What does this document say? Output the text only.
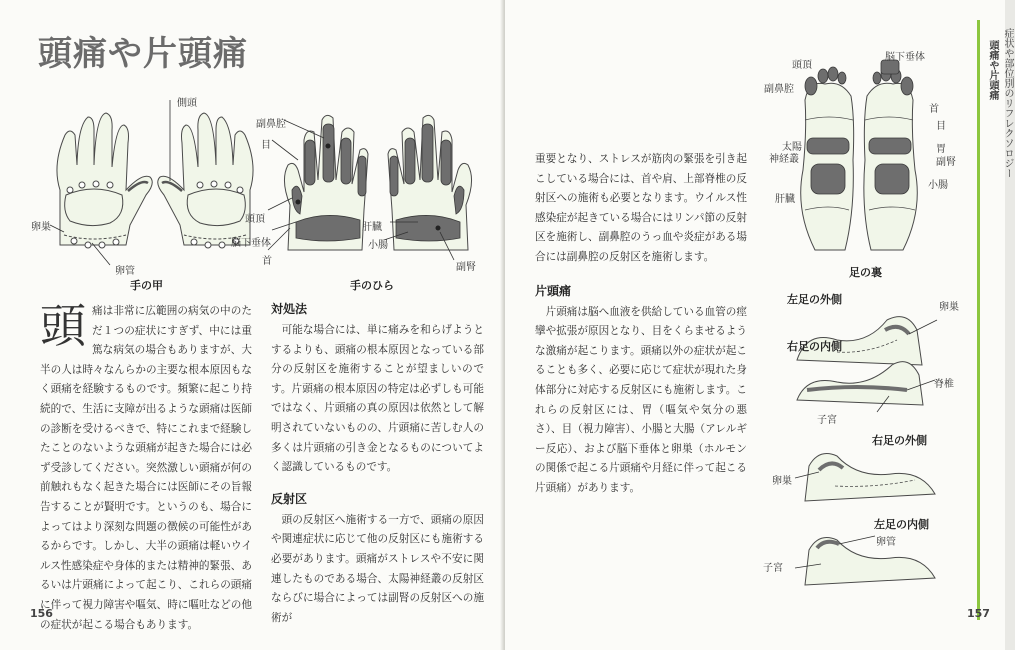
頭痛や片頭痛
側頭
卵巣
卵管
手の甲
副鼻腔
目
頭頂
脳下垂体
首
肝臓
小腸
副腎
手のひら
頭 痛は非常に広範囲の病気の中のただ１つの症状にすぎず、中には重篤な病気の場合もありますが、大半の人は時々なんらかの主要な根本原因もなく頭痛を経験するものです。頻繁に起こり持続的で、生活に支障が出るような頭痛は医師の診断を受けるべきで、特にこれまで経験したことのないような頭痛が起きた場合には必ず受診してください。突然激しい頭痛が何の前触れもなく起きた場合には医師にその旨報告することが賢明です。というのも、場合によってはより深刻な問題の徴候の可能性があるからです。しかし、大半の頭痛は軽いウイルス性感染症や身体的または精神的緊張、あるいは片頭痛によって起こり、これらの頭痛に伴って視力障害や嘔気、時に嘔吐などの他の症状が起こる場合もあります。
対処法

可能な場合には、単に痛みを和らげようとするよりも、頭痛の根本原因となっている部分の反射区を施術することが望ましいのです。片頭痛の根本原因の特定は必ずしも可能ではなく、片頭痛の真の原因は依然として解明されていないものの、片頭痛に苦しむ人の多くは片頭痛の引き金となるものについてよく認識しているものです。

反射区

頭の反射区へ施術する一方で、頭痛の原因や関連症状に応じて他の反射区にも施術する必要があります。頭痛がストレスや不安に関連したものである場合、太陽神経叢の反射区ならびに場合によっては副腎の反射区への施術が

156

重要となり、ストレスが筋肉の緊張を引き起こしている場合には、首や肩、上部脊椎の反射区への施術も必要となります。ウイルス性感染症が起きている場合にはリンパ節の反射区を施術し、副鼻腔のうっ血や炎症がある場合には副鼻腔の反射区を施術します。

片頭痛

片頭痛は脳へ血液を供給している血管の痙攣や拡張が原因となり、目をくらませるような激痛が起こります。頭痛以外の症状が起こることも多く、必要に応じて症状が現れた身体部分に対応する反射区にも施術します。これらの反射区には、胃（嘔気や気分の悪さ）、目（視力障害）、小腸と大腸（アレルギー反応）、および脳下垂体と卵巣（ホルモンの関係で起こる片頭痛や月経に伴って起こる片頭痛）があります。

頭頂
脳下垂体
副鼻腔
首
目
胃
太陽
神経叢	副腎
肝臓
小腸
足の裏
左足の外側
卵巣
右足の内側
脊椎
子宮
右足の外側
卵巣
左足の内側
卵管
子宮
症状や部位別のリフレクソロジー
頭痛や片頭痛
157
